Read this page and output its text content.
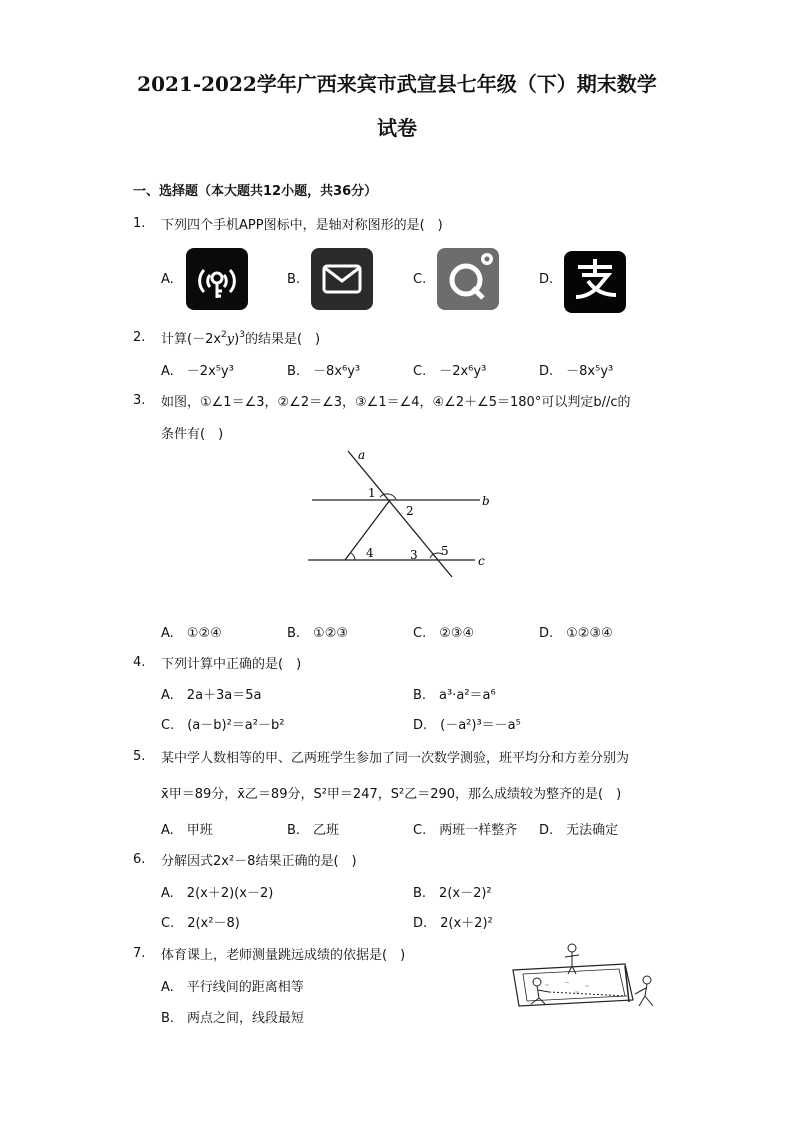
2021-2022学年广西来宾市武宣县七年级（下）期末数学
试卷
一、选择题（本大题共12小题，共36分）
1. 下列四个手机APP图标中，是轴对称图形的是(　)
A.	B.	C.	D.
2. 计算$(-2x^2y)^3$的结果是(　)
A.　－2x⁵y³	B.　－8x⁶y³	C.　－2x⁶y³	D.　－8x⁵y³
3. 如图，①∠1＝∠3，②∠2＝∠3，③∠1＝∠4，④∠2＋∠5＝180°可以判定b//c的
条件有(　)
a
b
c
1
2
3
4	5
A.　①②④	B.　①②③	C.　②③④	D.　①②③④
4. 下列计算中正确的是(　)
A.　2a＋3a＝5a	B.　a³·a²＝a⁶
C.　(a－b)²＝a²－b²	D.　(－a²)³＝－a⁵
5. 某中学人数相等的甲、乙两班学生参加了同一次数学测验，班平均分和方差分别为
x̄甲＝89分，x̄乙＝89分，S²甲＝247，S²乙＝290，那么成绩较为整齐的是(　)
A.　甲班	B.　乙班	C.　两班一样整齐 D.　无法确定
6. 分解因式2x²－8结果正确的是(　)
A.　2(x＋2)(x－2)	B.　2(x－2)²
C.　2(x²－8)	D.　2(x＋2)²
7. 体育课上，老师测量跳远成绩的依据是(　)
A.　平行线间的距离相等
B.　两点之间，线段最短
